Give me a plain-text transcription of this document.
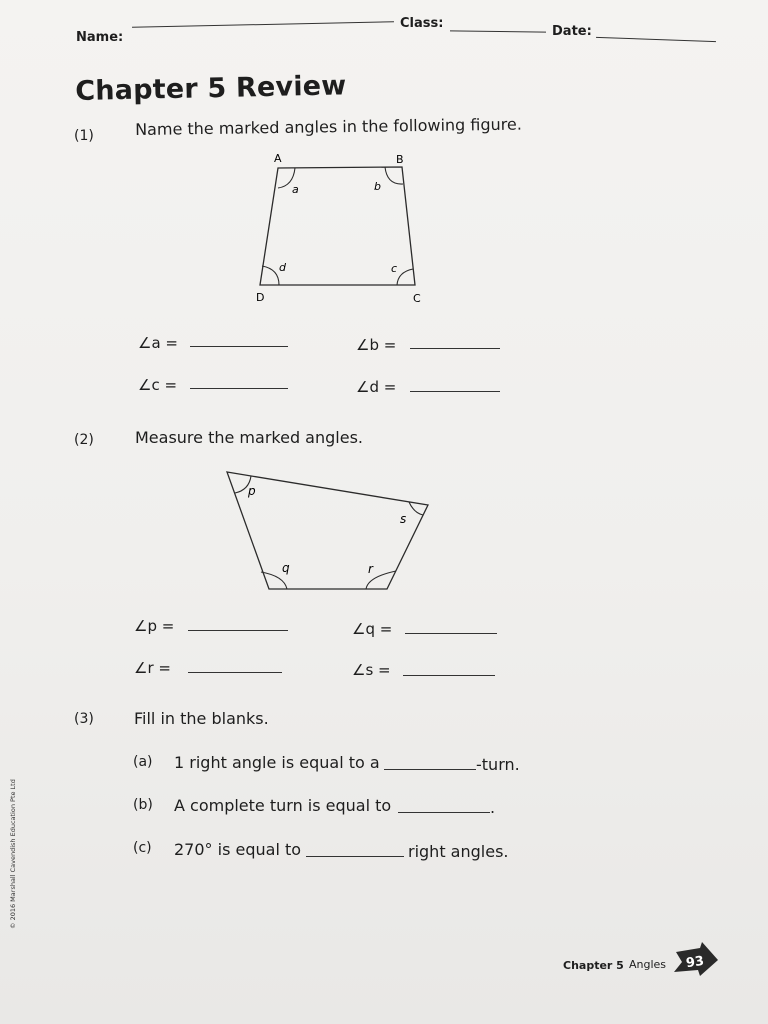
Name:
Class:
Date:
Chapter 5 Review
(1)	Name the marked angles in the following figure.
A	B
C
D
a	b
c
d
∠a =	∠b =
∠c =	∠d =
(2)	Measure the marked angles.
p
q	r
s
∠p =	∠q =
∠r =	∠s =
(3)	Fill in the blanks.
(a) 1 right angle is equal to a	-turn.
(b) A complete turn is equal to	.
(c) 270° is equal to	right angles.
© 2016 Marshall Cavendish Education Pte Ltd
Chapter 5 Angles 93
